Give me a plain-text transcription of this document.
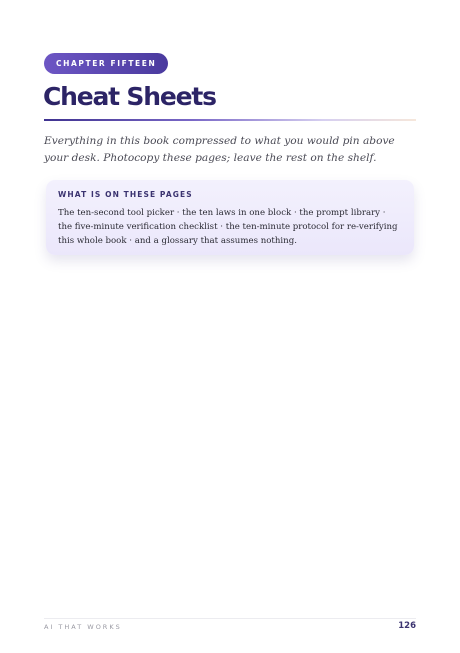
CHAPTER FIFTEEN
Cheat Sheets

Everything in this book compressed to what you would pin above your desk. Photocopy these pages; leave the rest on the shelf.

WHAT IS ON THESE PAGES

The ten-second tool picker · the ten laws in one block · the prompt library · the five-minute verification checklist · the ten-minute protocol for re-verifying this whole book · and a glossary that assumes nothing.

AI THAT WORKS	126
